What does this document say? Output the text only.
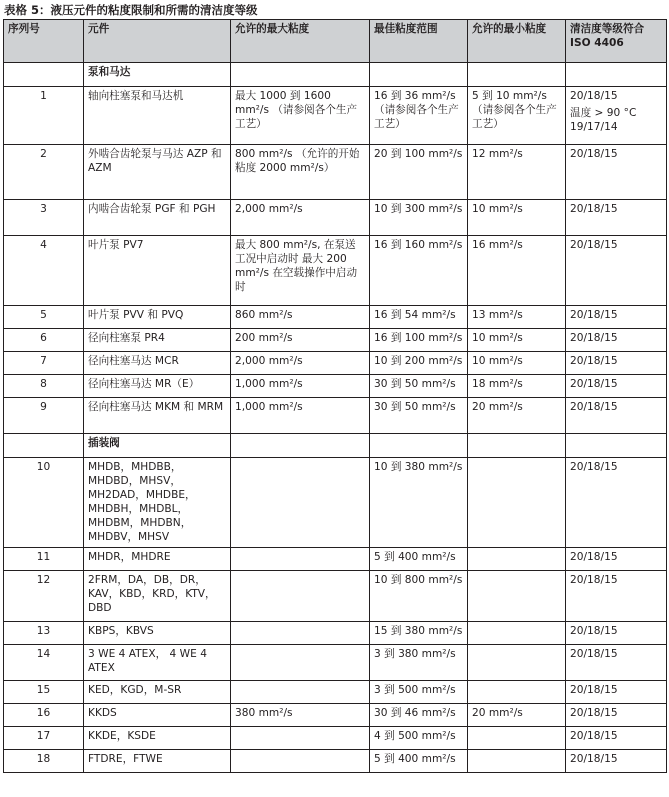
表格 5：液压元件的粘度限制和所需的清洁度等级
序列号	元件	允许的最大粘度	最佳粘度范围	允许的最小粘度	清洁度等级符合 ISO 4406
	泵和马达				
1	轴向柱塞泵和马达机	最大 1000 到 1600 mm²/s （请参阅各个生产工艺）	16 到 36 mm²/s （请参阅各个生产工艺）	5 到 10 mm²/s （请参阅各个生产工艺）	20/18/15
温度 > 90 °C 19/17/14

2	外啮合齿轮泵与马达 AZP 和 AZM	800 mm²/s （允许的开始粘度 2000 mm²/s）	20 到 100 mm²/s	12 mm²/s	20/18/15
3	内啮合齿轮泵 PGF 和 PGH	2,000 mm²/s	10 到 300 mm²/s	10 mm²/s	20/18/15
4	叶片泵 PV7	最大 800 mm²/s, 在泵送工况中启动时 最大 200 mm²/s 在空载操作中启动时	16 到 160 mm²/s	16 mm²/s	20/18/15
5	叶片泵 PVV 和 PVQ	860 mm²/s	16 到 54 mm²/s	13 mm²/s	20/18/15
6	径向柱塞泵 PR4	200 mm²/s	16 到 100 mm²/s	10 mm²/s	20/18/15
7	径向柱塞马达 MCR	2,000 mm²/s	10 到 200 mm²/s	10 mm²/s	20/18/15
8	径向柱塞马达 MR（E）	1,000 mm²/s	30 到 50 mm²/s	18 mm²/s	20/18/15
9	径向柱塞马达 MKM 和 MRM	1,000 mm²/s	30 到 50 mm²/s	20 mm²/s	20/18/15
	插装阀				
10	MHDB，MHDBB，MHDBD，MHSV，MH2DAD，MHDBE，MHDBH，MHDBL，MHDBM，MHDBN，MHDBV，MHSV		10 到 380 mm²/s		20/18/15
11	MHDR，MHDRE		5 到 400 mm²/s		20/18/15
12	2FRM，DA，DB，DR，KAV，KBD，KRD，KTV，DBD		10 到 800 mm²/s		20/18/15
13	KBPS，KBVS		15 到 380 mm²/s		20/18/15
14	3 WE 4 ATEX， 4 WE 4 ATEX		3 到 380 mm²/s		20/18/15
15	KED，KGD，M-SR		3 到 500 mm²/s		20/18/15
16	KKDS	380 mm²/s	30 到 46 mm²/s	20 mm²/s	20/18/15
17	KKDE，KSDE		4 到 500 mm²/s		20/18/15
18	FTDRE，FTWE		5 到 400 mm²/s		20/18/15
